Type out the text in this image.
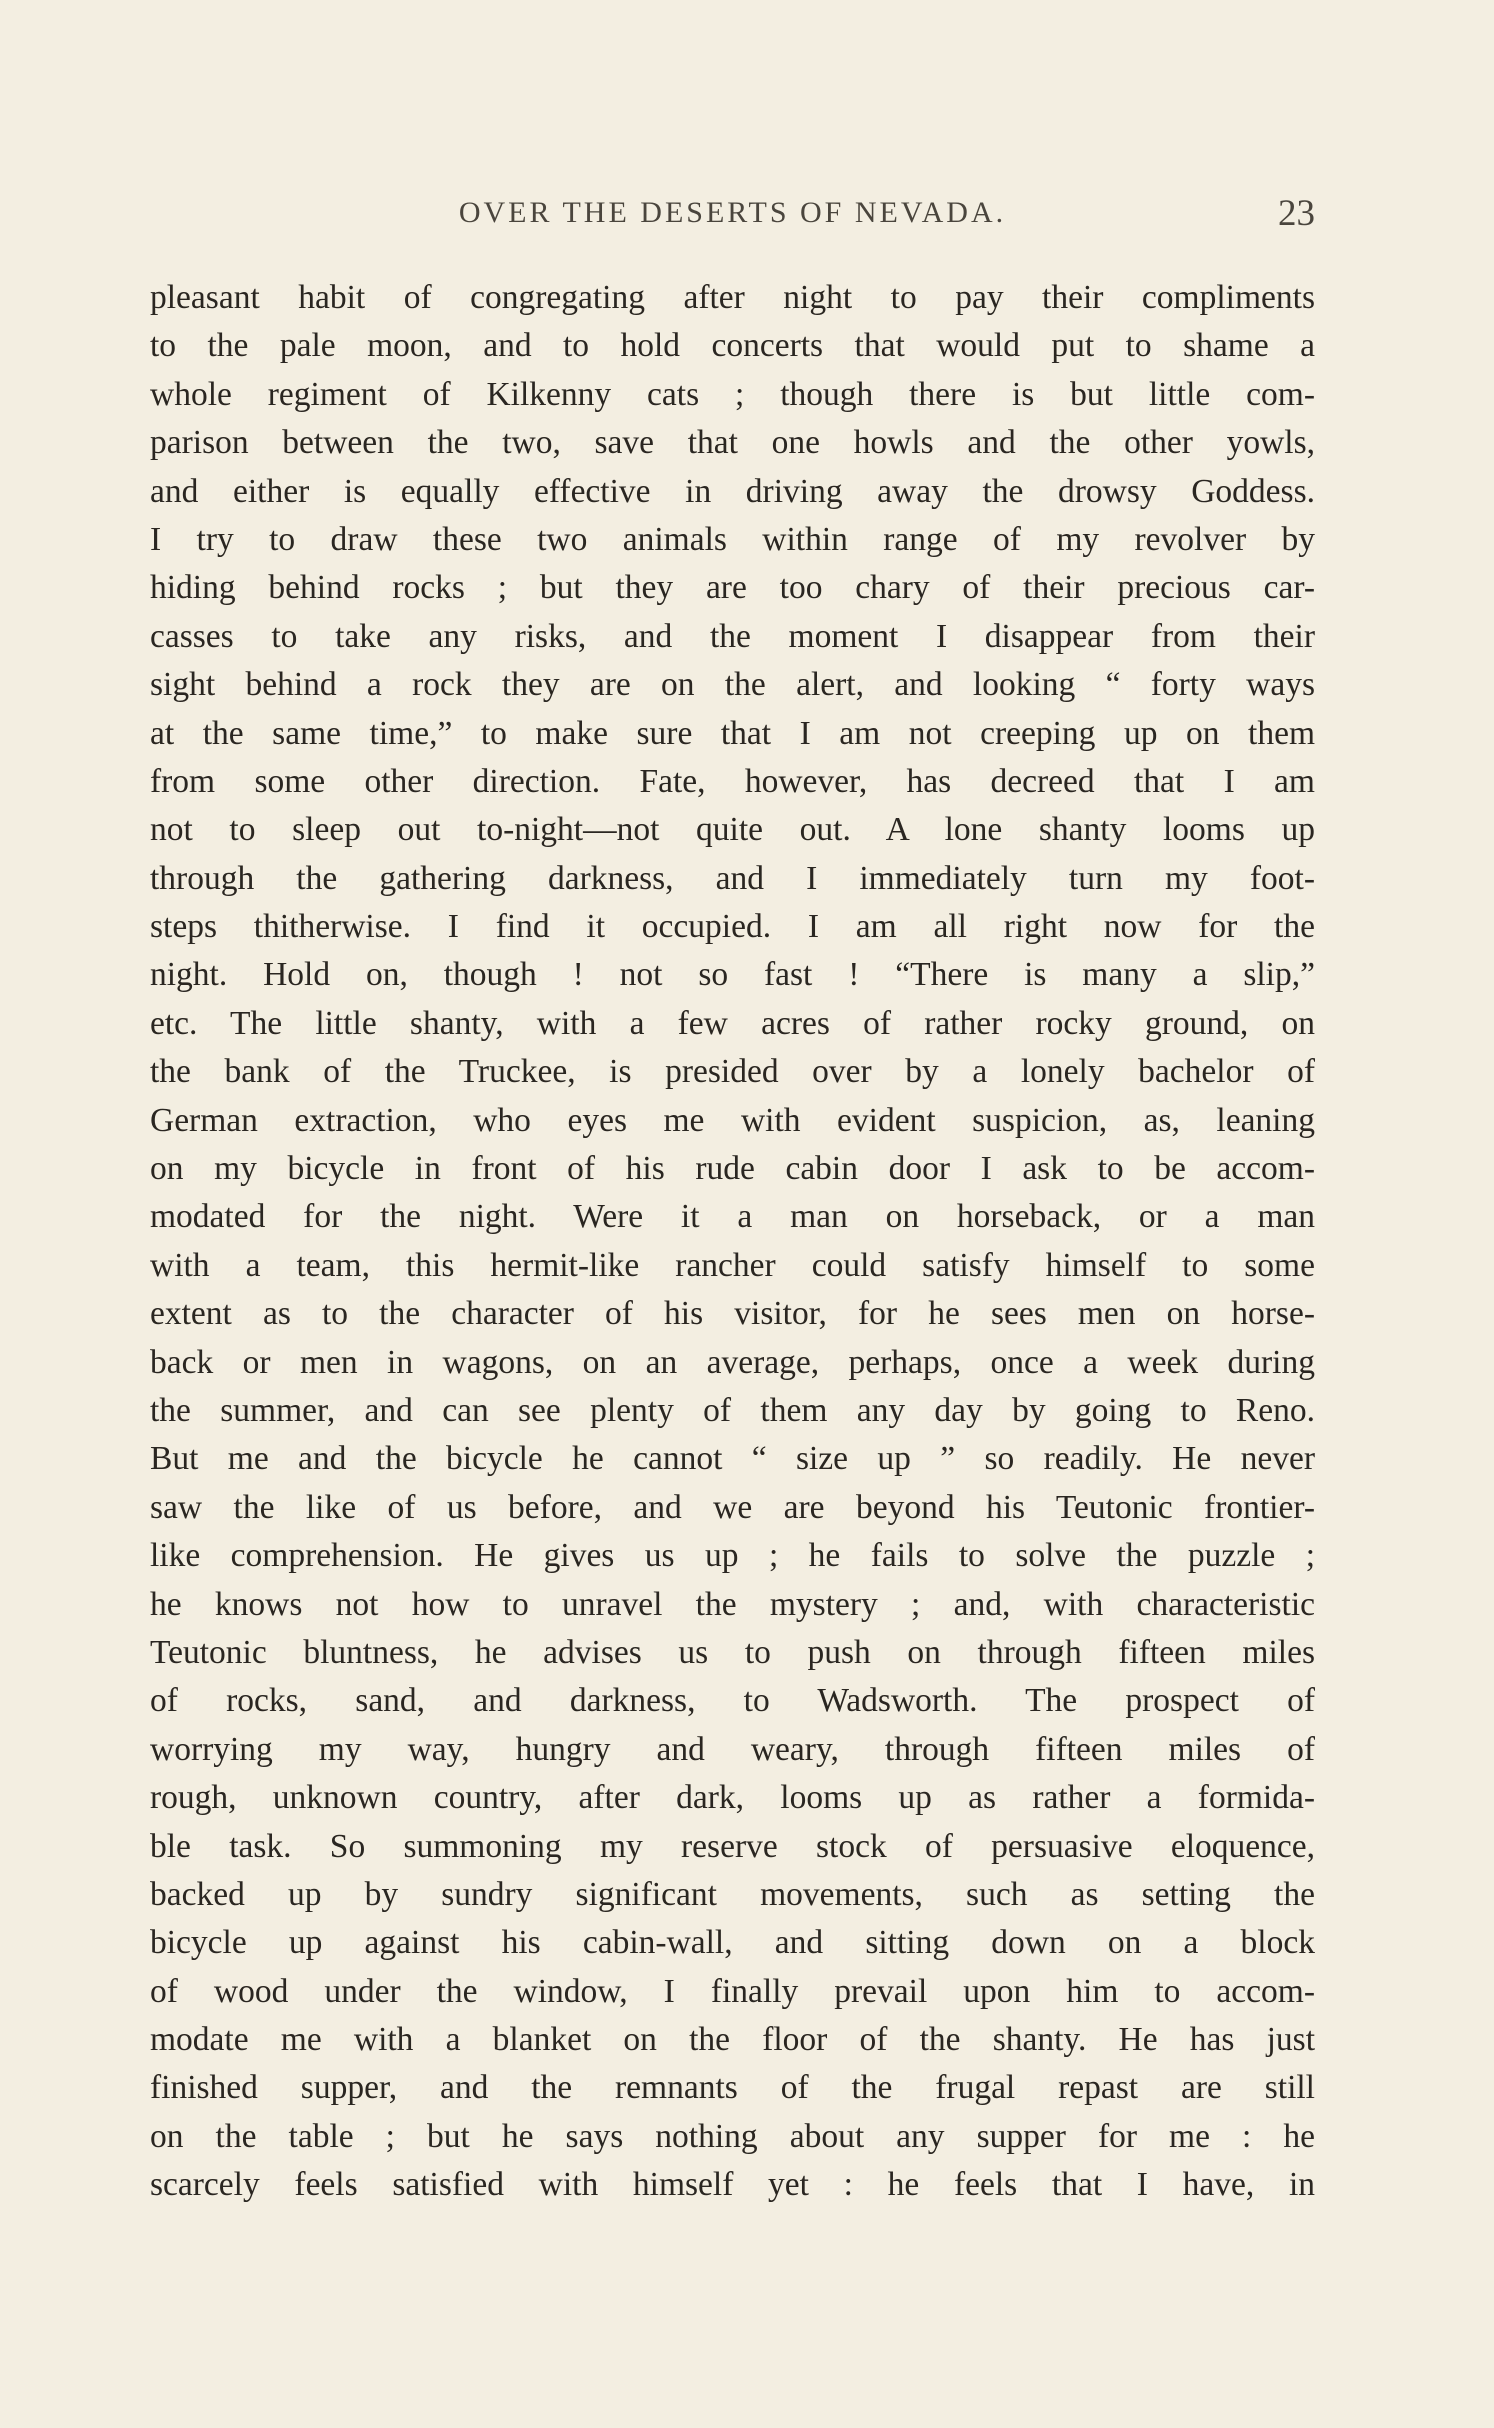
OVER THE DESERTS OF NEVADA.	23
pleasant habit of congregating after night to pay their compliments
to the pale moon, and to hold concerts that would put to shame a
whole regiment of Kilkenny cats ; though there is but little com-
parison between the two, save that one howls and the other yowls,
and either is equally effective in driving away the drowsy Goddess.
I try to draw these two animals within range of my revolver by
hiding behind rocks ; but they are too chary of their precious car-
casses to take any risks, and the moment I disappear from their
sight behind a rock they are on the alert, and looking “ forty ways
at the same time,” to make sure that I am not creeping up on them
from some other direction. Fate, however, has decreed that I am
not to sleep out to-night—not quite out. A lone shanty looms up
through the gathering darkness, and I immediately turn my foot-
steps thitherwise. I find it occupied. I am all right now for the
night. Hold on, though ! not so fast ! “There is many a slip,”
etc. The little shanty, with a few acres of rather rocky ground, on
the bank of the Truckee, is presided over by a lonely bachelor of
German extraction, who eyes me with evident suspicion, as, leaning
on my bicycle in front of his rude cabin door I ask to be accom-
modated for the night. Were it a man on horseback, or a man
with a team, this hermit-like rancher could satisfy himself to some
extent as to the character of his visitor, for he sees men on horse-
back or men in wagons, on an average, perhaps, once a week during
the summer, and can see plenty of them any day by going to Reno.
But me and the bicycle he cannot “ size up ” so readily. He never
saw the like of us before, and we are beyond his Teutonic frontier-
like comprehension. He gives us up ; he fails to solve the puzzle ;
he knows not how to unravel the mystery ; and, with characteristic
Teutonic bluntness, he advises us to push on through fifteen miles
of rocks, sand, and darkness, to Wadsworth. The prospect of
worrying my way, hungry and weary, through fifteen miles of
rough, unknown country, after dark, looms up as rather a formida-
ble task. So summoning my reserve stock of persuasive eloquence,
backed up by sundry significant movements, such as setting the
bicycle up against his cabin-wall, and sitting down on a block
of wood under the window, I finally prevail upon him to accom-
modate me with a blanket on the floor of the shanty. He has just
finished supper, and the remnants of the frugal repast are still
on the table ; but he says nothing about any supper for me : he
scarcely feels satisfied with himself yet : he feels that I have, in
